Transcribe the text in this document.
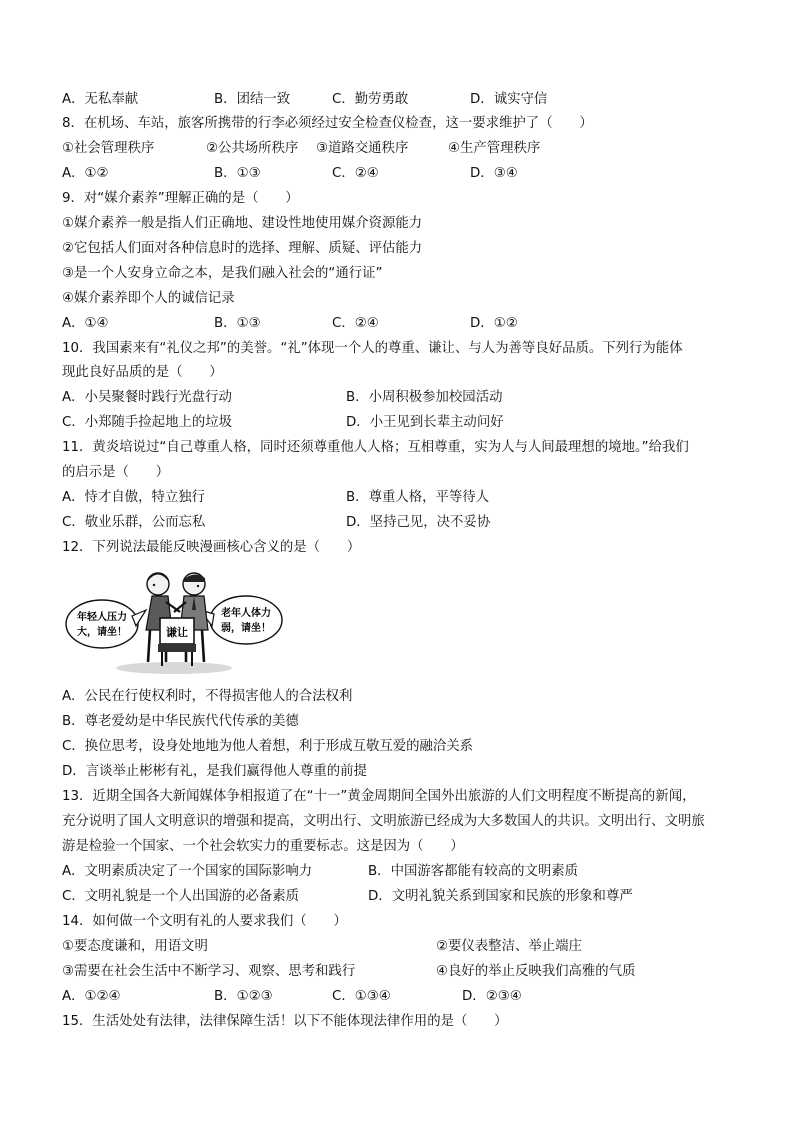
A．无私奉献	B．团结一致	C．勤劳勇敢	D．诚实守信
8．在机场、车站，旅客所携带的行李必须经过安全检查仪检查，这一要求维护了（　　）
①社会管理秩序	②公共场所秩序 ③道路交通秩序	④生产管理秩序
A．①②	B．①③	C．②④	D．③④
9．对“媒介素养”理解正确的是（　　）
①媒介素养一般是指人们正确地、建设性地使用媒介资源能力
②它包括人们面对各种信息时的选择、理解、质疑、评估能力
③是一个人安身立命之本，是我们融入社会的“通行证”
④媒介素养即个人的诚信记录
A．①④	B．①③	C．②④	D．①②
10．我国素来有“礼仪之邦”的美誉。“礼”体现一个人的尊重、谦让、与人为善等良好品质。下列行为能体
现此良好品质的是（　　）
A．小吴聚餐时践行光盘行动	B．小周积极参加校园活动
C．小郑随手捡起地上的垃圾	D．小王见到长辈主动问好
11．黄炎培说过“自己尊重人格，同时还须尊重他人人格；互相尊重，实为人与人间最理想的境地。”给我们
的启示是（　　）
A．恃才自傲，特立独行	B．尊重人格，平等待人
C．敬业乐群，公而忘私	D．坚持己见，决不妥协
12．下列说法最能反映漫画核心含义的是（　　）
年轻人压力
大，请坐！
老年人体力
弱，请坐！
谦让
A．公民在行使权利时，不得损害他人的合法权利
B．尊老爱幼是中华民族代代传承的美德
C．换位思考，设身处地地为他人着想，利于形成互敬互爱的融洽关系
D．言谈举止彬彬有礼，是我们赢得他人尊重的前提
13．近期全国各大新闻媒体争相报道了在“十一”黄金周期间全国外出旅游的人们文明程度不断提高的新闻，
充分说明了国人文明意识的增强和提高，文明出行、文明旅游已经成为大多数国人的共识。文明出行、文明旅
游是检验一个国家、一个社会软实力的重要标志。这是因为（　　）
A．文明素质决定了一个国家的国际影响力	B．中国游客都能有较高的文明素质
C．文明礼貌是一个人出国游的必备素质	D．文明礼貌关系到国家和民族的形象和尊严
14．如何做一个文明有礼的人要求我们（　　）
①要态度谦和，用语文明	②要仪表整洁、举止端庄
③需要在社会生活中不断学习、观察、思考和践行	④良好的举止反映我们高雅的气质
A．①②④	B．①②③	C．①③④	D．②③④
15．生活处处有法律，法律保障生活！以下不能体现法律作用的是（　　）
